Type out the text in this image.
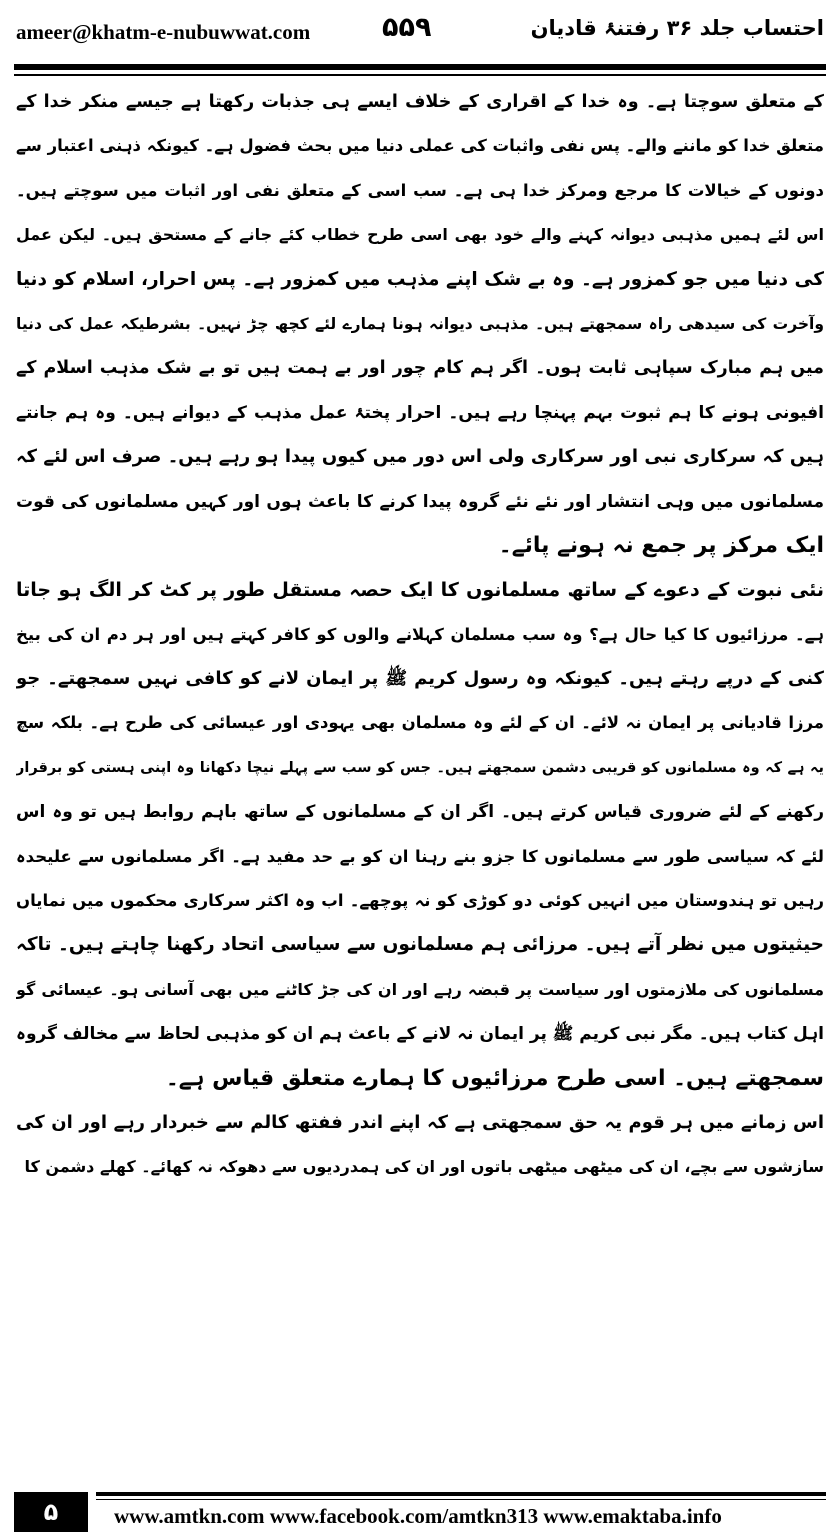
ameer@khatm-e-nubuwwat.com	۵۵۹	احتساب جلد ۳۶ رفتنۂ قادیان
کے متعلق سوچتا ہے۔ وہ خدا کے اقراری کے خلاف ایسے ہی جذبات رکھتا ہے جیسے منکر خدا کے
متعلق خدا کو ماننے والے۔ پس نفی واثبات کی عملی دنیا میں بحث فضول ہے۔ کیونکہ ذہنی اعتبار سے
دونوں کے خیالات کا مرجع ومرکز خدا ہی ہے۔ سب اسی کے متعلق نفی اور اثبات میں سوچتے ہیں۔
اس لئے ہمیں مذہبی دیوانہ کہنے والے خود بھی اسی طرح خطاب کئے جانے کے مستحق ہیں۔ لیکن عمل
کی دنیا میں جو کمزور ہے۔ وہ بے شک اپنے مذہب میں کمزور ہے۔ پس احرار، اسلام کو دنیا
وآخرت کی سیدھی راہ سمجھتے ہیں۔ مذہبی دیوانہ ہونا ہمارے لئے کچھ چڑ نہیں۔ بشرطیکہ عمل کی دنیا
میں ہم مبارک سپاہی ثابت ہوں۔ اگر ہم کام چور اور بے ہمت ہیں تو بے شک مذہب اسلام کے
افیونی ہونے کا ہم ثبوت بہم پہنچا رہے ہیں۔ احرار پختۂ عمل مذہب کے دیوانے ہیں۔ وہ ہم جانتے
ہیں کہ سرکاری نبی اور سرکاری ولی اس دور میں کیوں پیدا ہو رہے ہیں۔ صرف اس لئے کہ
مسلمانوں میں وہی انتشار اور نئے نئے گروہ پیدا کرنے کا باعث ہوں اور کہیں مسلمانوں کی قوت
ایک مرکز پر جمع نہ ہونے پائے۔
نئی نبوت کے دعوے کے ساتھ مسلمانوں کا ایک حصہ مستقل طور پر کٹ کر الگ ہو جاتا
ہے۔ مرزائیوں کا کیا حال ہے؟ وہ سب مسلمان کہلانے والوں کو کافر کہتے ہیں اور ہر دم ان کی بیخ
کنی کے درپے رہتے ہیں۔ کیونکہ وہ رسول کریم ﷺ پر ایمان لانے کو کافی نہیں سمجھتے۔ جو
مرزا قادیانی پر ایمان نہ لائے۔ ان کے لئے وہ مسلمان بھی یہودی اور عیسائی کی طرح ہے۔ بلکہ سچ
یہ ہے کہ وہ مسلمانوں کو قریبی دشمن سمجھتے ہیں۔ جس کو سب سے پہلے نیچا دکھانا وہ اپنی ہستی کو برقرار
رکھنے کے لئے ضروری قیاس کرتے ہیں۔ اگر ان کے مسلمانوں کے ساتھ باہم روابط ہیں تو وہ اس
لئے کہ سیاسی طور سے مسلمانوں کا جزو بنے رہنا ان کو بے حد مفید ہے۔ اگر مسلمانوں سے علیحدہ
رہیں تو ہندوستان میں انہیں کوئی دو کوڑی کو نہ پوچھے۔ اب وہ اکثر سرکاری محکموں میں نمایاں
حیثیتوں میں نظر آتے ہیں۔ مرزائی ہم مسلمانوں سے سیاسی اتحاد رکھنا چاہتے ہیں۔ تاکہ
مسلمانوں کی ملازمتوں اور سیاست پر قبضہ رہے اور ان کی جڑ کاٹنے میں بھی آسانی ہو۔ عیسائی گو
اہل کتاب ہیں۔ مگر نبی کریم ﷺ پر ایمان نہ لانے کے باعث ہم ان کو مذہبی لحاظ سے مخالف گروہ
سمجھتے ہیں۔ اسی طرح مرزائیوں کا ہمارے متعلق قیاس ہے۔
اس زمانے میں ہر قوم یہ حق سمجھتی ہے کہ اپنے اندر ففتھ کالم سے خبردار رہے اور ان کی
سازشوں سے بچے، ان کی میٹھی میٹھی باتوں اور ان کی ہمدردیوں سے دھوکہ نہ کھائے۔ کھلے دشمن کا
۵	www.amtkn.com www.facebook.com/amtkn313 www.emaktaba.info
